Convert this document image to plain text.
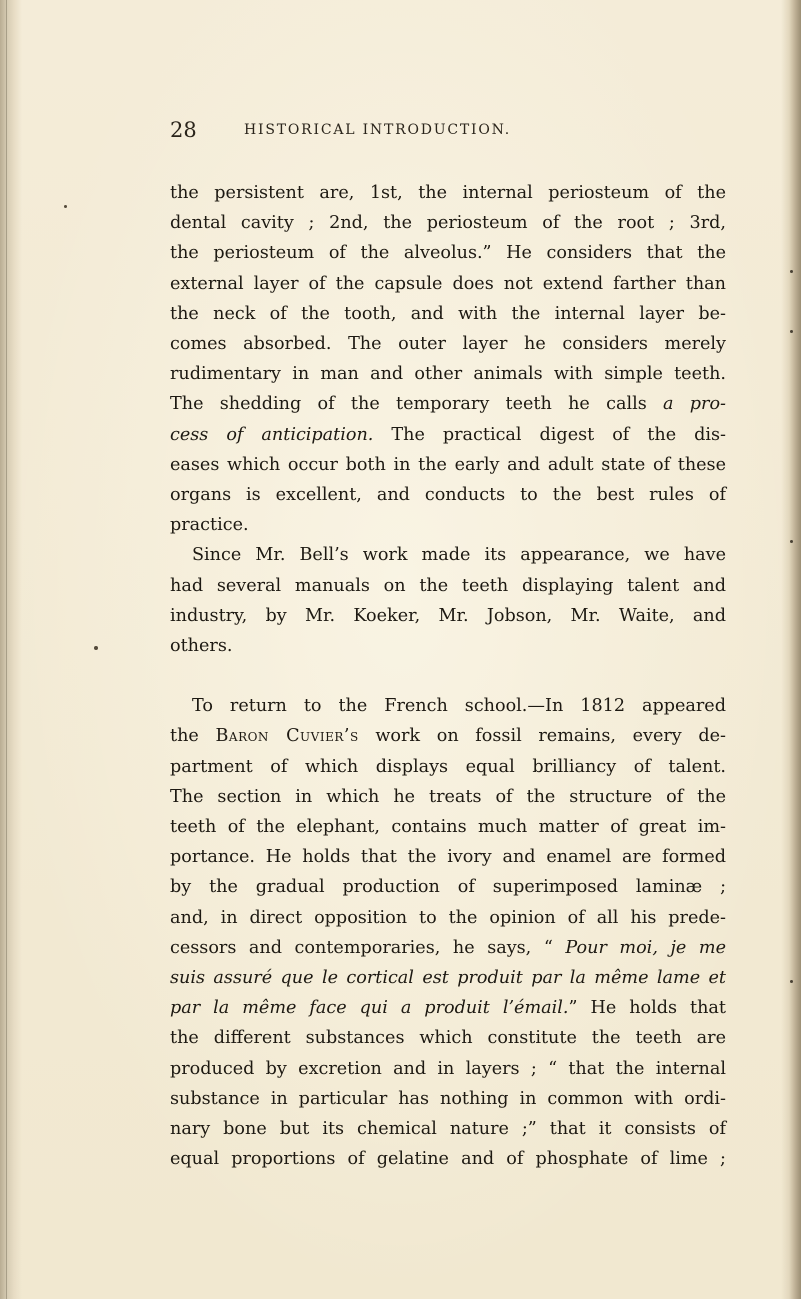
28	HISTORICAL INTRODUCTION.
the persistent are, 1st, the internal periosteum of the
dental cavity ; 2nd, the periosteum of the root ; 3rd,
the periosteum of the alveolus.” He considers that the
external layer of the capsule does not extend farther than
the neck of the tooth, and with the internal layer be-
comes absorbed. The outer layer he considers merely
rudimentary in man and other animals with simple teeth.
The shedding of the temporary teeth he calls a pro-
cess of anticipation. The practical digest of the dis-
eases which occur both in the early and adult state of these
organs is excellent, and conducts to the best rules of
practice.
Since Mr. Bell’s work made its appearance, we have
had several manuals on the teeth displaying talent and
industry, by Mr. Koeker, Mr. Jobson, Mr. Waite, and
others.
To return to the French school.—In 1812 appeared
the Baron Cuvier’s work on fossil remains, every de-
partment of which displays equal brilliancy of talent.
The section in which he treats of the structure of the
teeth of the elephant, contains much matter of great im-
portance. He holds that the ivory and enamel are formed
by the gradual production of superimposed laminæ ;
and, in direct opposition to the opinion of all his prede-
cessors and contemporaries, he says, “ Pour moi, je me
suis assuré que le cortical est produit par la même lame et
par la même face qui a produit l’émail.” He holds that
the different substances which constitute the teeth are
produced by excretion and in layers ; “ that the internal
substance in particular has nothing in common with ordi-
nary bone but its chemical nature ;” that it consists of
equal proportions of gelatine and of phosphate of lime ;
